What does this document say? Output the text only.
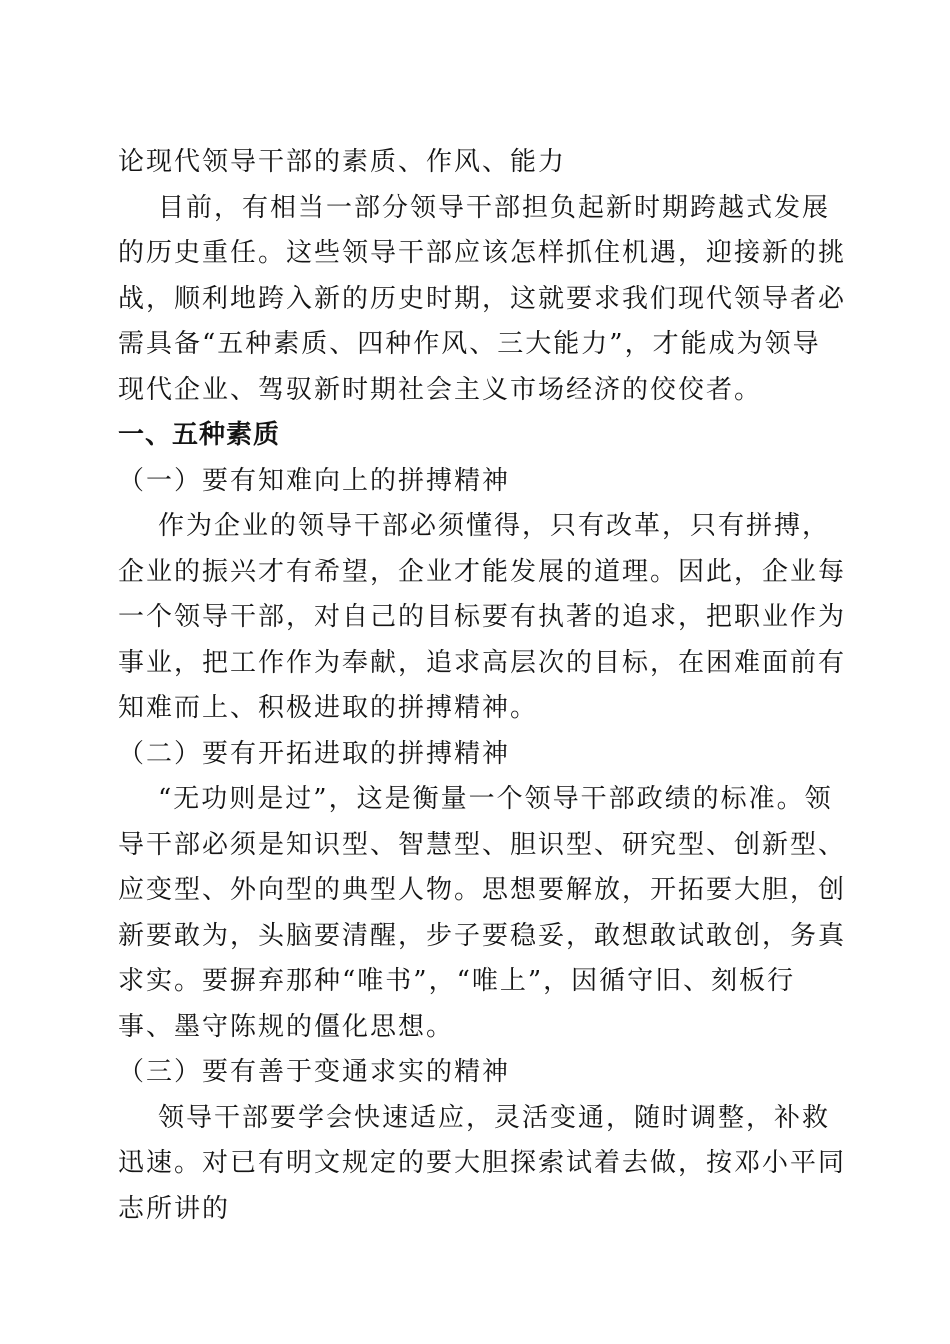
论现代领导干部的素质、作风、能力

目前，有相当一部分领导干部担负起新时期跨越式发展的历史重任。这些领导干部应该怎样抓住机遇，迎接新的挑战，顺利地跨入新的历史时期，这就要求我们现代领导者必需具备“五种素质、四种作风、三大能力”，才能成为领导现代企业、驾驭新时期社会主义市场经济的佼佼者。

一、五种素质

（一）要有知难向上的拼搏精神

作为企业的领导干部必须懂得，只有改革，只有拼搏，企业的振兴才有希望，企业才能发展的道理。因此，企业每一个领导干部，对自己的目标要有执著的追求，把职业作为事业，把工作作为奉献，追求高层次的目标，在困难面前有知难而上、积极进取的拼搏精神。

（二）要有开拓进取的拼搏精神

“无功则是过”，这是衡量一个领导干部政绩的标准。领导干部必须是知识型、智慧型、胆识型、研究型、创新型、应变型、外向型的典型人物。思想要解放，开拓要大胆，创新要敢为，头脑要清醒，步子要稳妥，敢想敢试敢创，务真求实。要摒弃那种“唯书”，“唯上”，因循守旧、刻板行事、墨守陈规的僵化思想。

（三）要有善于变通求实的精神

领导干部要学会快速适应，灵活变通，随时调整，补救迅速。对已有明文规定的要大胆探索试着去做，按邓小平同志所讲的
